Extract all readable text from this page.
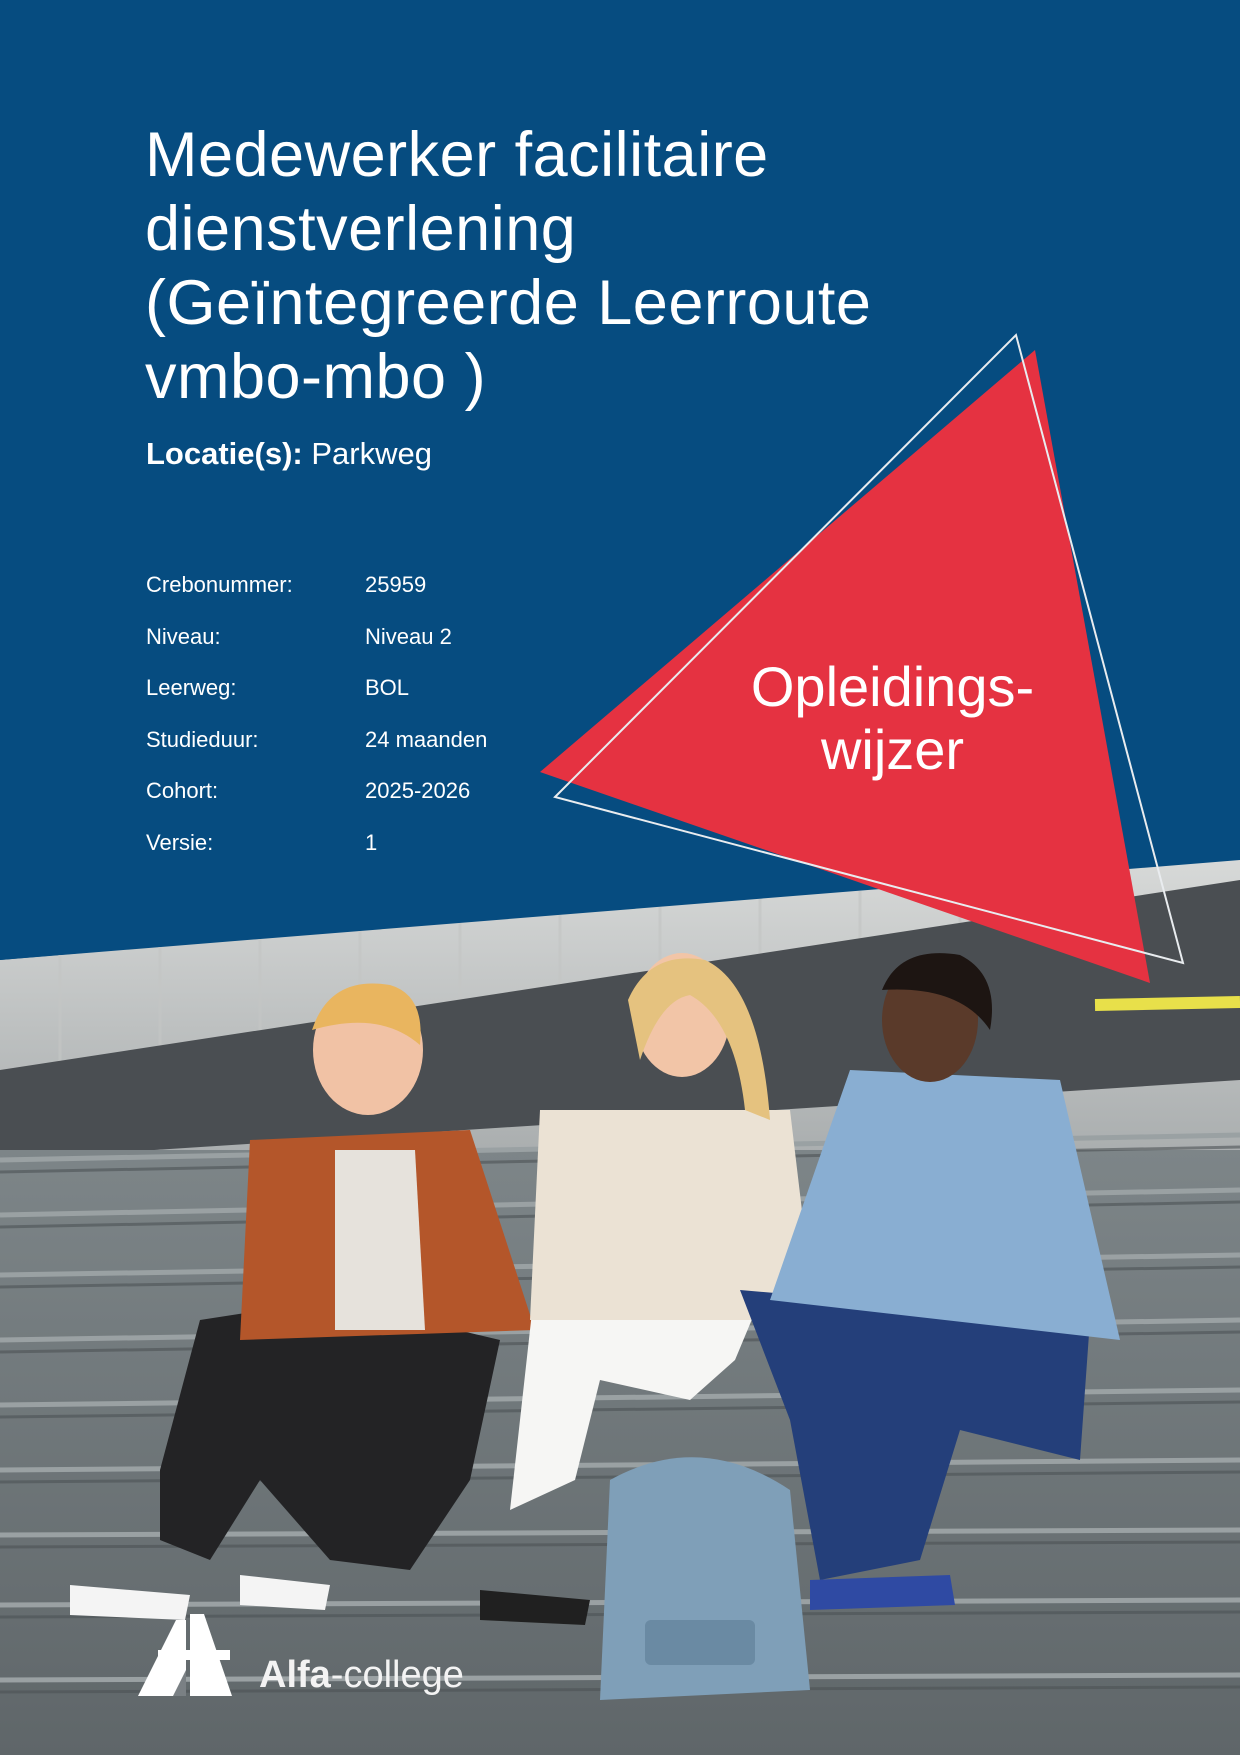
Medewerker facilitaire
dienstverlening
(Geïntegreerde Leerroute
vmbo-mbo )
Locatie(s): Parkweg
Crebonummer:	25959
Niveau:	Niveau 2
Leerweg:	BOL
Studieduur:	24 maanden
Cohort:	2025-2026
Versie:	1
Opleidings-
wijzer
Alfa-college
